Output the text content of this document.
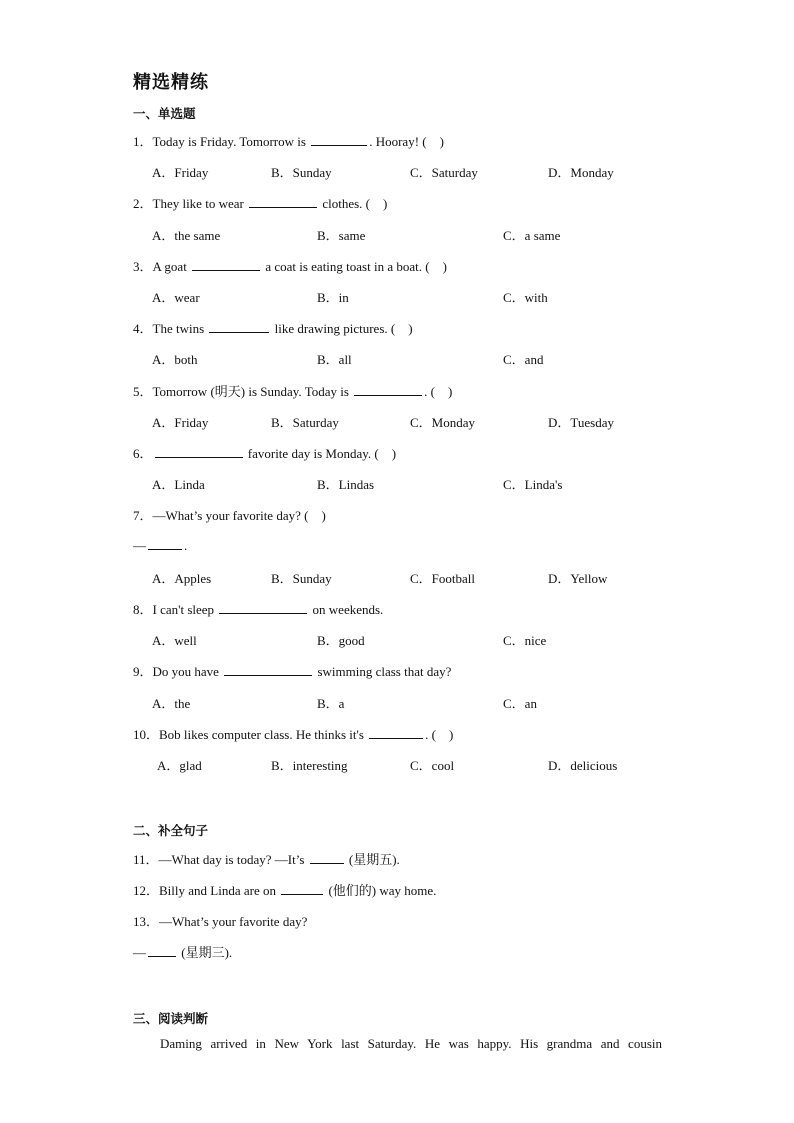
精选精练
一、单选题
1．Today is Friday. Tomorrow is	. Hooray! (　)
A．Friday	B．Sunday	C．Saturday	D．Monday
2．They like to wear	clothes. (　)
A．the same	B．same	C．a same
3．A goat	a coat is eating toast in a boat. (　)
A．wear	B．in	C．with
4．The twins	like drawing pictures. (　)
A．both	B．all	C．and
5．Tomorrow (明天) is Sunday. Today is	. (　)
A．Friday	B．Saturday	C．Monday	D．Tuesday
6．	favorite day is Monday. (　)
A．Linda	B．Lindas	C．Linda's
7．—What’s your favorite day? (　)
—	.
A．Apples	B．Sunday	C．Football	D．Yellow
8．I can't sleep	on weekends.
A．well	B．good	C．nice
9．Do you have	swimming class that day?
A．the	B．a	C．an
10．Bob likes computer class. He thinks it's	. (　)
A．glad	B．interesting	C．cool	D．delicious
二、补全句子
11．—What day is today? —It’s	(星期五).
12．Billy and Linda are on	(他们的) way home.
13．—What’s your favorite day?
—	(星期三).
三、阅读判断
Daming arrived in New York last Saturday. He was happy. His grandma and cousin
